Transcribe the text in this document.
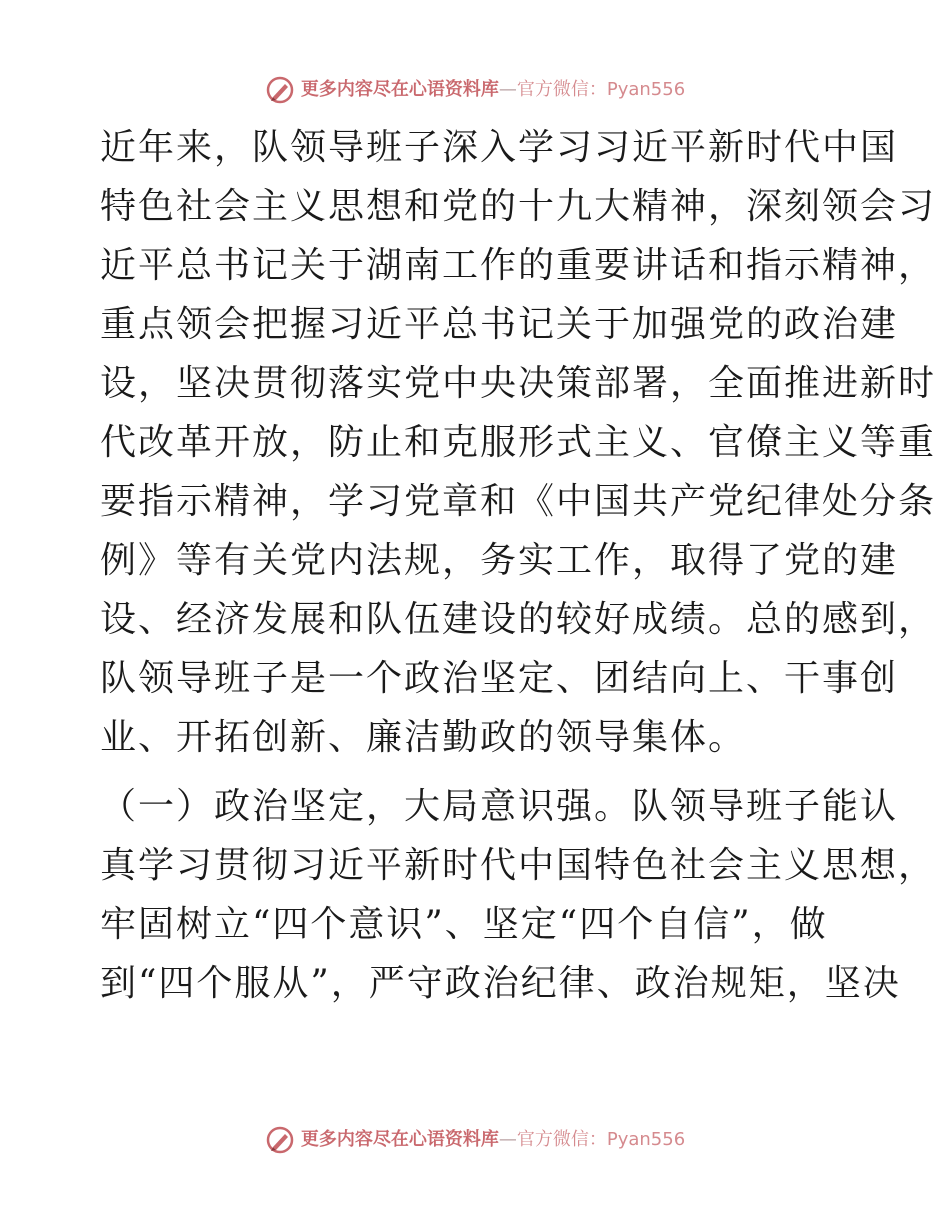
更多内容尽在心语资料库 — 官方微信：Pyan556

近年来，队领导班子深入学习习近平新时代中国
特色社会主义思想和党的十九大精神，深刻领会习
近平总书记关于湖南工作的重要讲话和指示精神，
重点领会把握习近平总书记关于加强党的政治建
设，坚决贯彻落实党中央决策部署，全面推进新时
代改革开放，防止和克服形式主义、官僚主义等重
要指示精神，学习党章和《中国共产党纪律处分条
例》等有关党内法规，务实工作，取得了党的建
设、经济发展和队伍建设的较好成绩。总的感到，
队领导班子是一个政治坚定、团结向上、干事创
业、开拓创新、廉洁勤政的领导集体。

（一）政治坚定，大局意识强。队领导班子能认
真学习贯彻习近平新时代中国特色社会主义思想，
牢固树立“四个意识”、坚定“四个自信”，做
到“四个服从”，严守政治纪律、政治规矩，坚决

更多内容尽在心语资料库 — 官方微信：Pyan556
